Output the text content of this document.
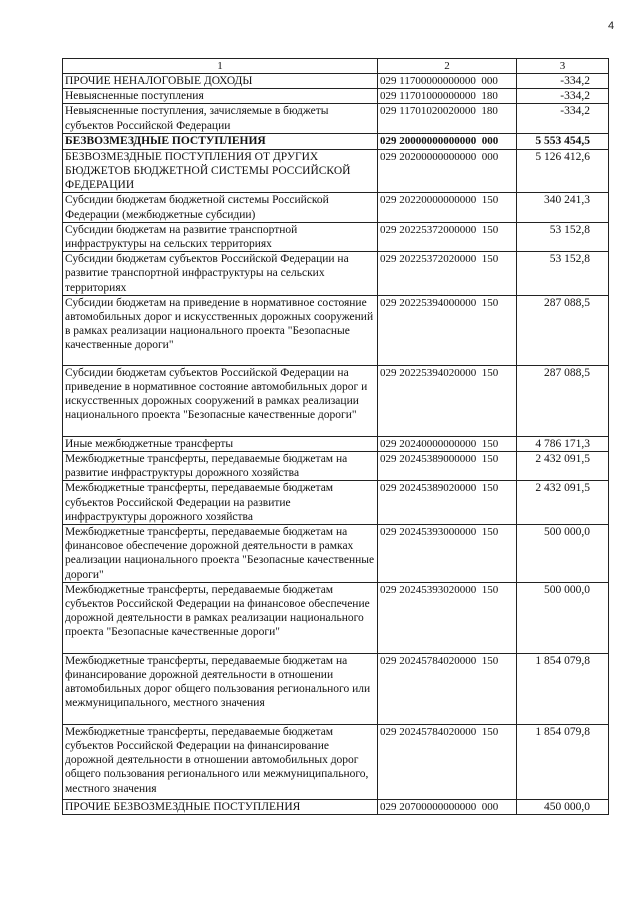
4
1	2	3
ПРОЧИЕ НЕНАЛОГОВЫЕ ДОХОДЫ	029 11700000000000  000	-334,2
Невыясненные поступления	029 11701000000000  180	-334,2
Невыясненные поступления, зачисляемые в бюджеты субъектов Российской Федерации	029 11701020020000  180	-334,2
БЕЗВОЗМЕЗДНЫЕ ПОСТУПЛЕНИЯ	029 20000000000000  000	5 553 454,5
БЕЗВОЗМЕЗДНЫЕ ПОСТУПЛЕНИЯ ОТ ДРУГИХ БЮДЖЕТОВ БЮДЖЕТНОЙ СИСТЕМЫ РОССИЙСКОЙ ФЕДЕРАЦИИ	029 20200000000000  000	5 126 412,6
Субсидии бюджетам бюджетной системы Российской Федерации (межбюджетные субсидии)	029 20220000000000  150	340 241,3
Субсидии бюджетам на развитие транспортной инфраструктуры на сельских территориях	029 20225372000000  150	53 152,8
Субсидии бюджетам субъектов Российской Федерации на развитие транспортной инфраструктуры на сельских территориях	029 20225372020000  150	53 152,8
Субсидии бюджетам на приведение в нормативное состояние автомобильных дорог и искусственных дорожных сооружений в рамках реализации национального проекта "Безопасные качественные дороги"	029 20225394000000  150	287 088,5
Субсидии бюджетам субъектов Российской Федерации на приведение в нормативное состояние автомобильных дорог и искусственных дорожных сооружений в рамках реализации национального проекта "Безопасные качественные дороги"	029 20225394020000  150	287 088,5
Иные межбюджетные трансферты	029 20240000000000  150	4 786 171,3
Межбюджетные трансферты, передаваемые бюджетам на развитие инфраструктуры дорожного хозяйства	029 20245389000000  150	2 432 091,5
Межбюджетные трансферты, передаваемые бюджетам субъектов Российской Федерации на развитие инфраструктуры дорожного хозяйства	029 20245389020000  150	2 432 091,5
Межбюджетные трансферты, передаваемые бюджетам на финансовое обеспечение дорожной деятельности в рамках реализации национального проекта "Безопасные качественные дороги"	029 20245393000000  150	500 000,0
Межбюджетные трансферты, передаваемые бюджетам субъектов Российской Федерации на финансовое обеспечение дорожной деятельности в рамках реализации национального проекта "Безопасные качественные дороги"	029 20245393020000  150	500 000,0
Межбюджетные трансферты, передаваемые бюджетам на финансирование дорожной деятельности в отношении автомобильных дорог общего пользования регионального или межмуниципального, местного значения	029 20245784020000  150	1 854 079,8
Межбюджетные трансферты, передаваемые бюджетам субъектов Российской Федерации на финансирование дорожной деятельности в отношении автомобильных дорог общего пользования регионального или межмуниципального, местного значения	029 20245784020000  150	1 854 079,8
ПРОЧИЕ БЕЗВОЗМЕЗДНЫЕ ПОСТУПЛЕНИЯ	029 20700000000000  000	450 000,0
